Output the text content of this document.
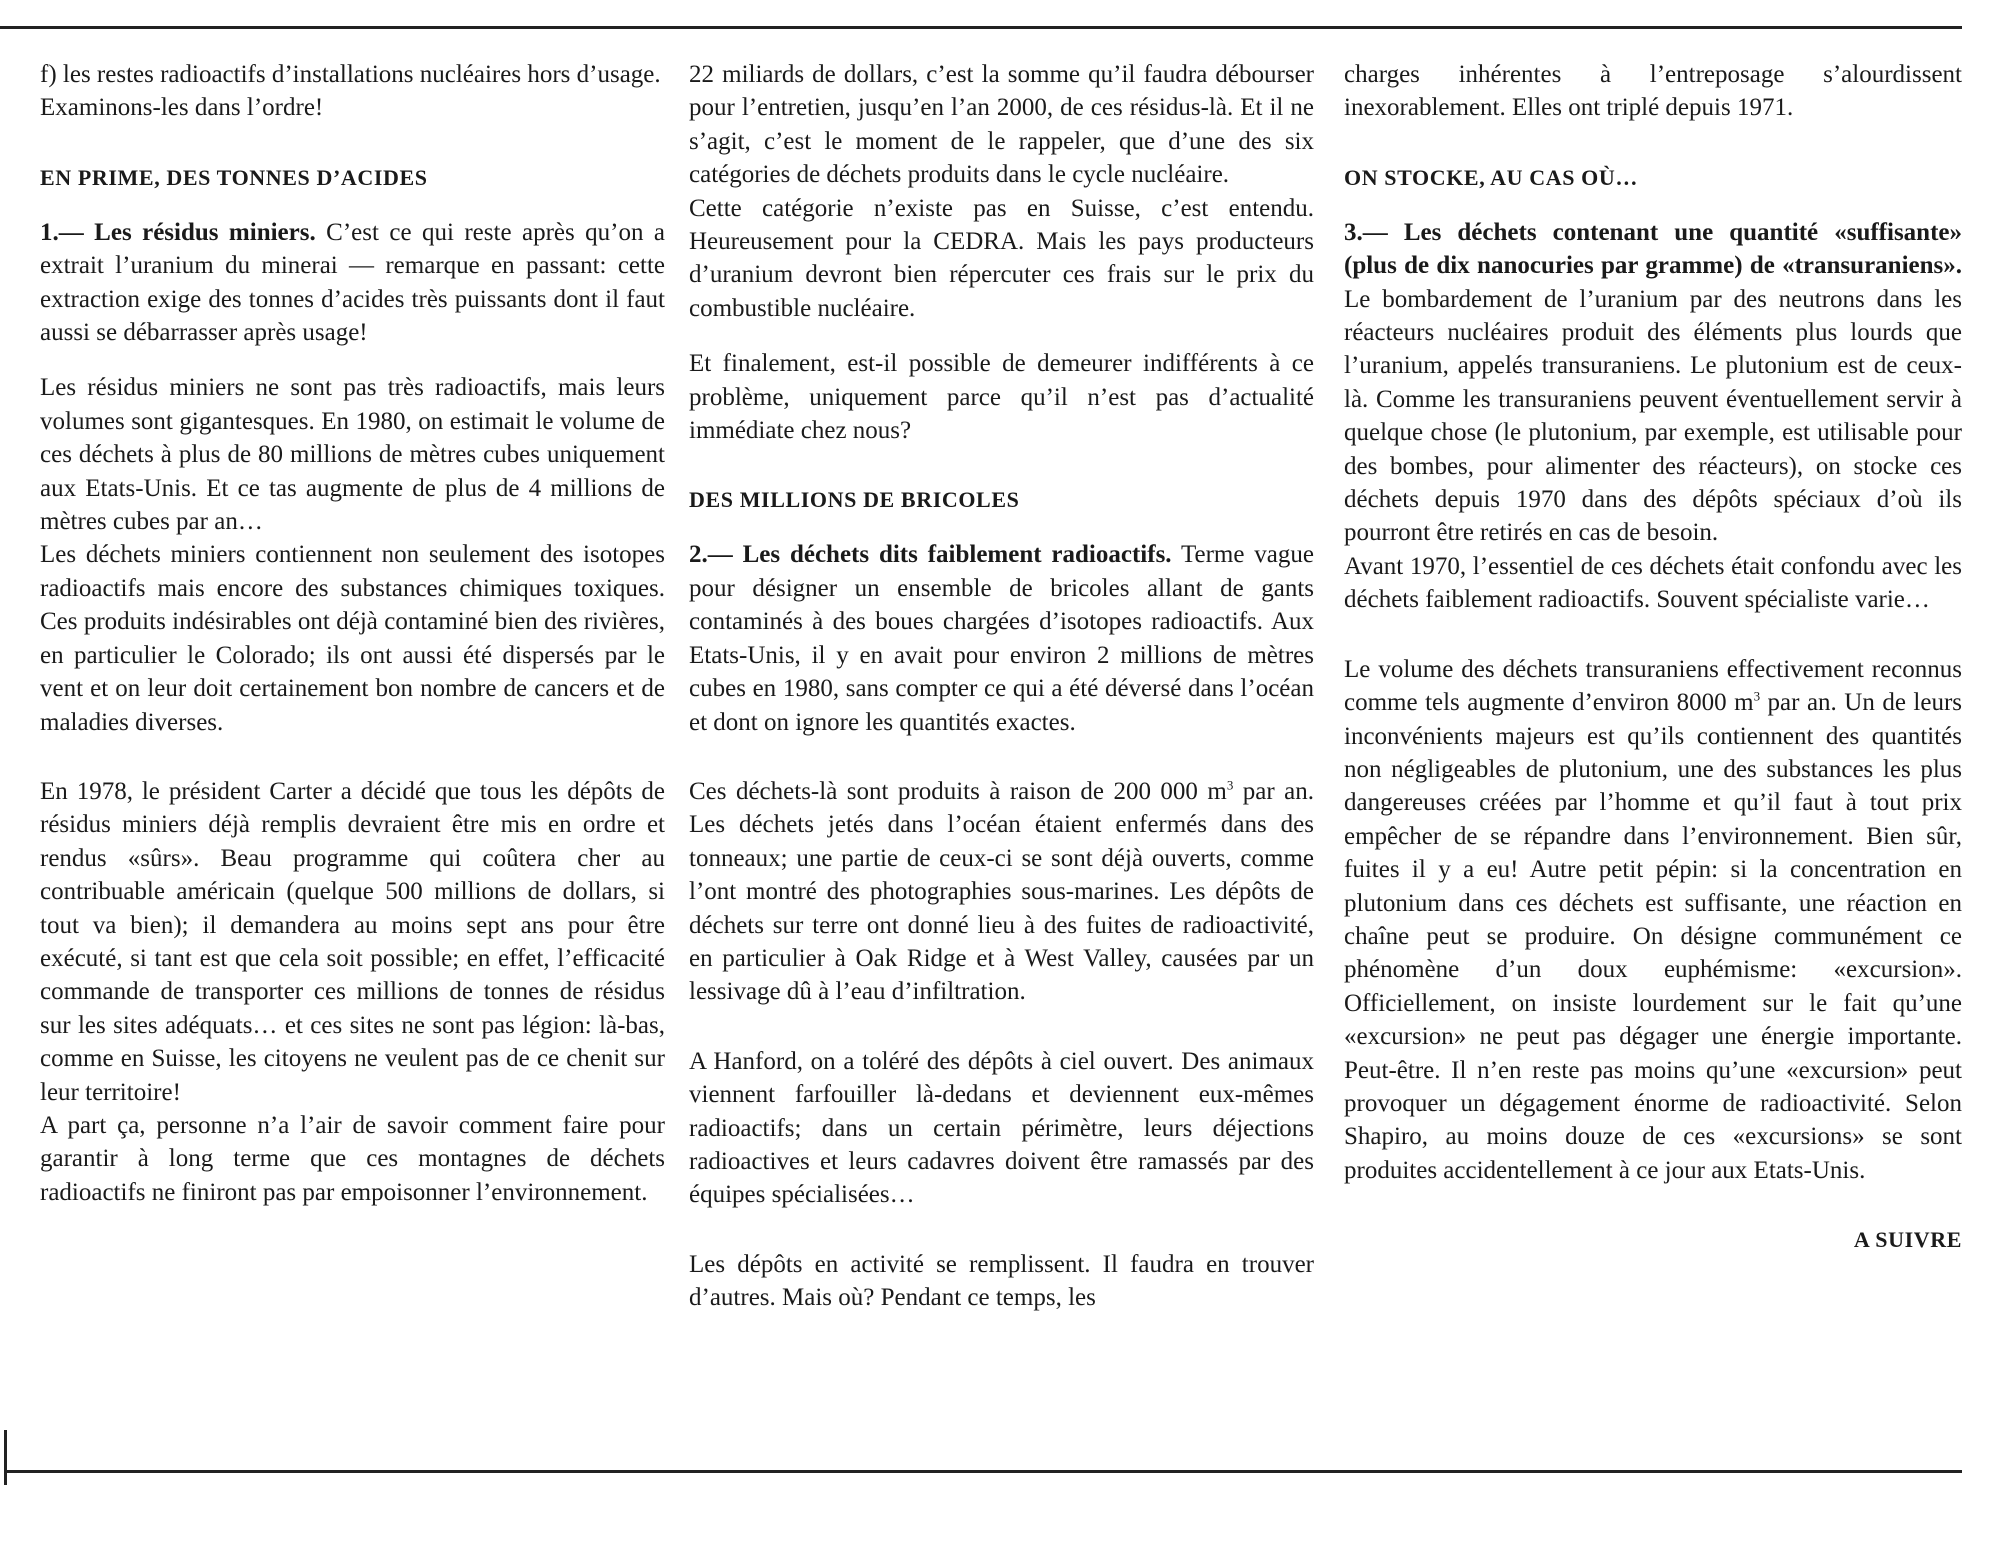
f) les restes radioactifs d’installations nucléaires hors d’usage.

Examinons-les dans l’ordre!

EN PRIME, DES TONNES D’ACIDES

1.— Les résidus miniers. C’est ce qui reste après qu’on a extrait l’uranium du minerai — remarque en passant: cette extraction exige des tonnes d’acides très puissants dont il faut aussi se débarrasser après usage!

Les résidus miniers ne sont pas très radioactifs, mais leurs volumes sont gigantesques. En 1980, on estimait le volume de ces déchets à plus de 80 millions de mètres cubes uniquement aux Etats-Unis. Et ce tas augmente de plus de 4 millions de mètres cubes par an…

Les déchets miniers contiennent non seulement des isotopes radioactifs mais encore des substances chimiques toxiques. Ces produits indésirables ont déjà contaminé bien des rivières, en particulier le Colorado; ils ont aussi été dispersés par le vent et on leur doit certainement bon nombre de cancers et de maladies diverses.

En 1978, le président Carter a décidé que tous les dépôts de résidus miniers déjà remplis devraient être mis en ordre et rendus «sûrs». Beau programme qui coûtera cher au contribuable américain (quelque 500 millions de dollars, si tout va bien); il demandera au moins sept ans pour être exécuté, si tant est que cela soit possible; en effet, l’efficacité commande de transporter ces millions de tonnes de résidus sur les sites adéquats… et ces sites ne sont pas légion: là-bas, comme en Suisse, les citoyens ne veulent pas de ce chenit sur leur territoire!

A part ça, personne n’a l’air de savoir comment faire pour garantir à long terme que ces montagnes de déchets radioactifs ne finiront pas par empoisonner l’environnement.

22 miliards de dollars, c’est la somme qu’il faudra débourser pour l’entretien, jusqu’en l’an 2000, de ces résidus-là. Et il ne s’agit, c’est le moment de le rappeler, que d’une des six catégories de déchets produits dans le cycle nucléaire.

Cette catégorie n’existe pas en Suisse, c’est entendu. Heureusement pour la CEDRA. Mais les pays producteurs d’uranium devront bien répercuter ces frais sur le prix du combustible nucléaire.

Et finalement, est-il possible de demeurer indifférents à ce problème, uniquement parce qu’il n’est pas d’actualité immédiate chez nous?

DES MILLIONS DE BRICOLES

2.— Les déchets dits faiblement radioactifs. Terme vague pour désigner un ensemble de bricoles allant de gants contaminés à des boues chargées d’isotopes radioactifs. Aux Etats-Unis, il y en avait pour environ 2 millions de mètres cubes en 1980, sans compter ce qui a été déversé dans l’océan et dont on ignore les quantités exactes.

Ces déchets-là sont produits à raison de 200 000 $m^3$ par an. Les déchets jetés dans l’océan étaient enfermés dans des tonneaux; une partie de ceux-ci se sont déjà ouverts, comme l’ont montré des photographies sous-marines. Les dépôts de déchets sur terre ont donné lieu à des fuites de radioactivité, en particulier à Oak Ridge et à West Valley, causées par un lessivage dû à l’eau d’infiltration.

A Hanford, on a toléré des dépôts à ciel ouvert. Des animaux viennent farfouiller là-dedans et deviennent eux-mêmes radioactifs; dans un certain périmètre, leurs déjections radioactives et leurs cadavres doivent être ramassés par des équipes spécialisées…

Les dépôts en activité se remplissent. Il faudra en trouver d’autres. Mais où? Pendant ce temps, les

charges inhérentes à l’entreposage s’alourdissent inexorablement. Elles ont triplé depuis 1971.

ON STOCKE, AU CAS OÙ…

3.— Les déchets contenant une quantité «suffisante» (plus de dix nanocuries par gramme) de «transuraniens». Le bombardement de l’uranium par des neutrons dans les réacteurs nucléaires produit des éléments plus lourds que l’uranium, appelés transuraniens. Le plutonium est de ceux-là. Comme les transuraniens peuvent éventuellement servir à quelque chose (le plutonium, par exemple, est utilisable pour des bombes, pour alimenter des réacteurs), on stocke ces déchets depuis 1970 dans des dépôts spéciaux d’où ils pourront être retirés en cas de besoin.

Avant 1970, l’essentiel de ces déchets était confondu avec les déchets faiblement radioactifs. Souvent spécialiste varie…

Le volume des déchets transuraniens effectivement reconnus comme tels augmente d’environ 8000 $m^3$ par an. Un de leurs inconvénients majeurs est qu’ils contiennent des quantités non négligeables de plutonium, une des substances les plus dangereuses créées par l’homme et qu’il faut à tout prix empêcher de se répandre dans l’environnement. Bien sûr, fuites il y a eu! Autre petit pépin: si la concentration en plutonium dans ces déchets est suffisante, une réaction en chaîne peut se produire. On désigne communément ce phénomène d’un doux euphémisme: «excursion». Officiellement, on insiste lourdement sur le fait qu’une «excursion» ne peut pas dégager une énergie importante. Peut-être. Il n’en reste pas moins qu’une «excursion» peut provoquer un dégagement énorme de radioactivité. Selon Shapiro, au moins douze de ces «excursions» se sont produites accidentellement à ce jour aux Etats-Unis.

A SUIVRE
